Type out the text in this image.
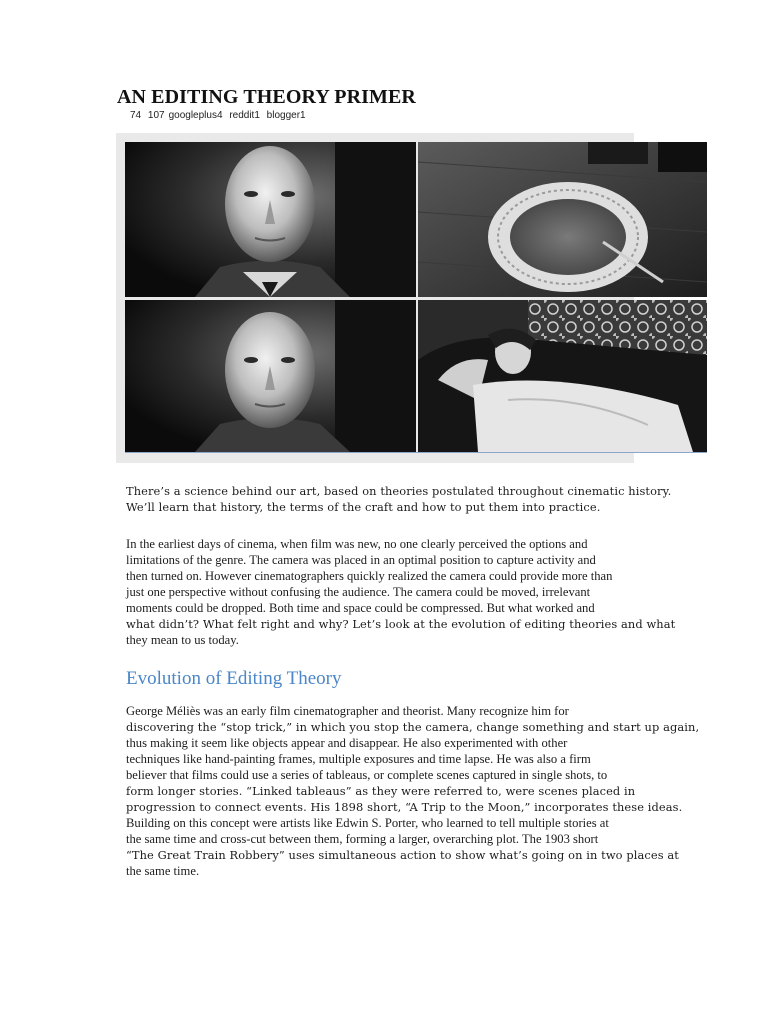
AN EDITING THEORY PRIMER
74 107 googleplus4 reddit1 blogger1

There’s a science behind our art, based on theories postulated throughout cinematic history.
We’ll learn that history, the terms of the craft and how to put them into practice.

In the earliest days of cinema, when film was new, no one clearly perceived the options and
limitations of the genre. The camera was placed in an optimal position to capture activity and
then turned on. However cinematographers quickly realized the camera could provide more than
just one perspective without confusing the audience. The camera could be moved, irrelevant
moments could be dropped. Both time and space could be compressed. But what worked and
what didn’t? What felt right and why? Let’s look at the evolution of editing theories and what
they mean to us today.

Evolution of Editing Theory

George Méliès was an early film cinematographer and theorist. Many recognize him for
discovering the “stop trick,” in which you stop the camera, change something and start up again,
thus making it seem like objects appear and disappear. He also experimented with other
techniques like hand-painting frames, multiple exposures and time lapse. He was also a firm
believer that films could use a series of tableaus, or complete scenes captured in single shots, to
form longer stories. “Linked tableaus” as they were referred to, were scenes placed in
progression to connect events. His 1898 short, “A Trip to the Moon,” incorporates these ideas.
Building on this concept were artists like Edwin S. Porter, who learned to tell multiple stories at
the same time and cross-cut between them, forming a larger, overarching plot. The 1903 short
“The Great Train Robbery” uses simultaneous action to show what’s going on in two places at
the same time.
